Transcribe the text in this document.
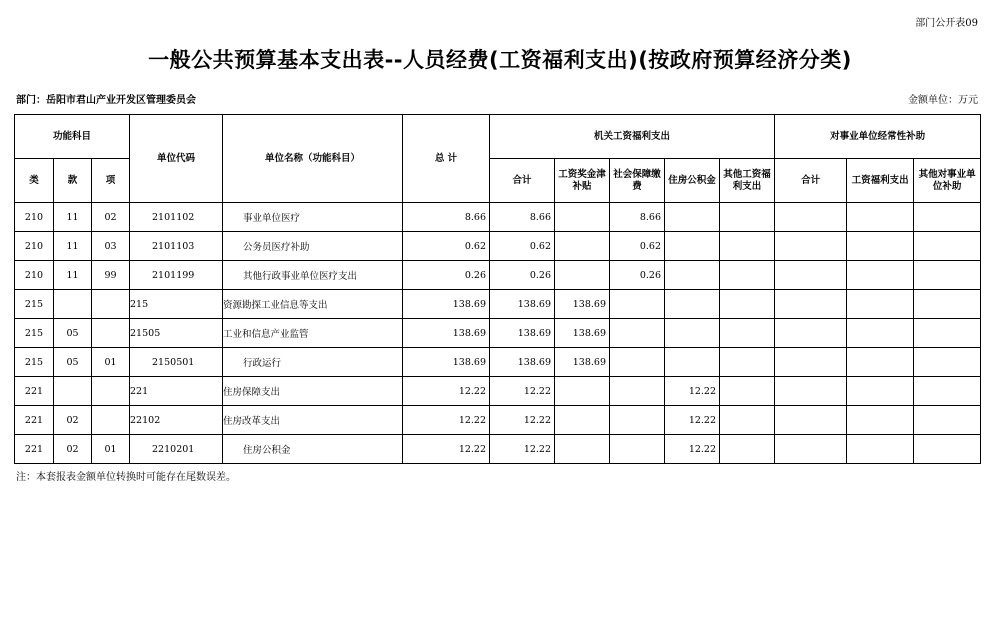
部门公开表09
一般公共预算基本支出表--人员经费(工资福利支出)(按政府预算经济分类)
部门：岳阳市君山产业开发区管理委员会	金额单位：万元
功能科目			单位代码	单位名称（功能科目）	总 计	机关工资福利支出					对事业单位经常性补助		
类	款	项				合计	工资奖金津补贴	社会保障缴费	住房公积金	其他工资福利支出	合计	工资福利支出	其他对事业单位补助
210	11	02	2101102	事业单位医疗	8.66	8.66		8.66					
210	11	03	2101103	公务员医疗补助	0.62	0.62		0.62					
210	11	99	2101199	其他行政事业单位医疗支出	0.26	0.26		0.26					
215			215	资源勘探工业信息等支出	138.69	138.69	138.69						
215	05		21505	工业和信息产业监管	138.69	138.69	138.69						
215	05	01	2150501	行政运行	138.69	138.69	138.69						
221			221	住房保障支出	12.22	12.22			12.22				
221	02		22102	住房改革支出	12.22	12.22			12.22				
221	02	01	2210201	住房公积金	12.22	12.22			12.22				
注：本套报表金额单位转换时可能存在尾数误差。
